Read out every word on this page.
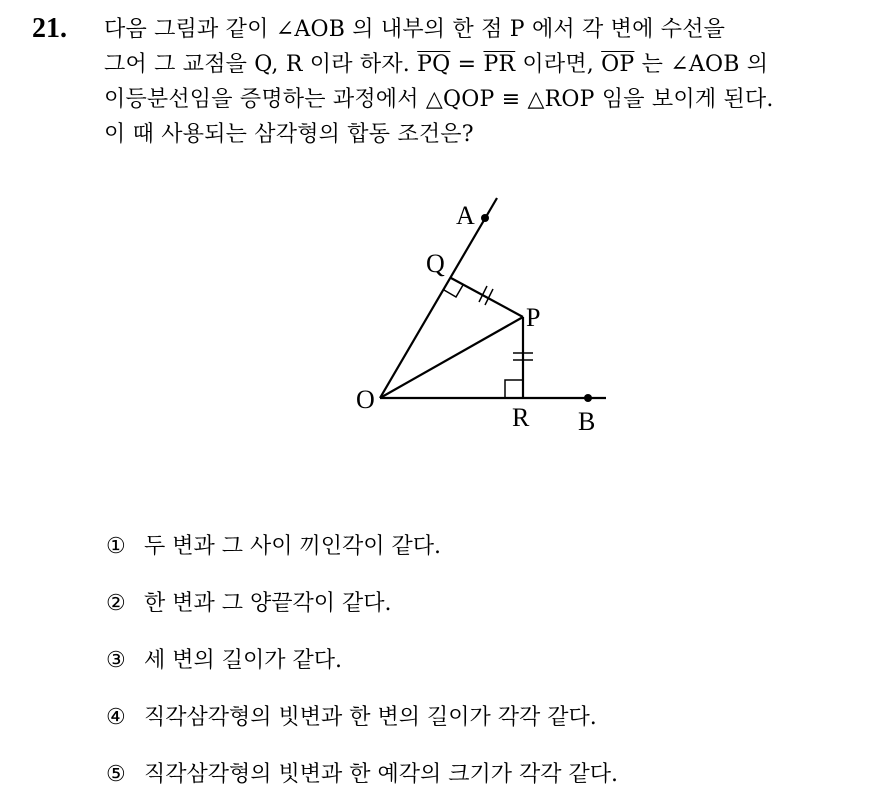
21. 다음 그림과 같이 ∠AOB 의 내부의 한 점 P 에서 각 변에 수선을
그어 그 교점을 Q, R 이라 하자. $\overline{PQ} = \overline{PR}$ 이라면, $\overline{OP}$ 는 ∠AOB 의
이등분선임을 증명하는 과정에서 △QOP ≡ △ROP 임을 보이게 된다.
이 때 사용되는 삼각형의 합동 조건은?
A
Q
P
O
R B
① 두 변과 그 사이 끼인각이 같다.
② 한 변과 그 양끝각이 같다.
③ 세 변의 길이가 같다.
④ 직각삼각형의 빗변과 한 변의 길이가 각각 같다.
⑤ 직각삼각형의 빗변과 한 예각의 크기가 각각 같다.
